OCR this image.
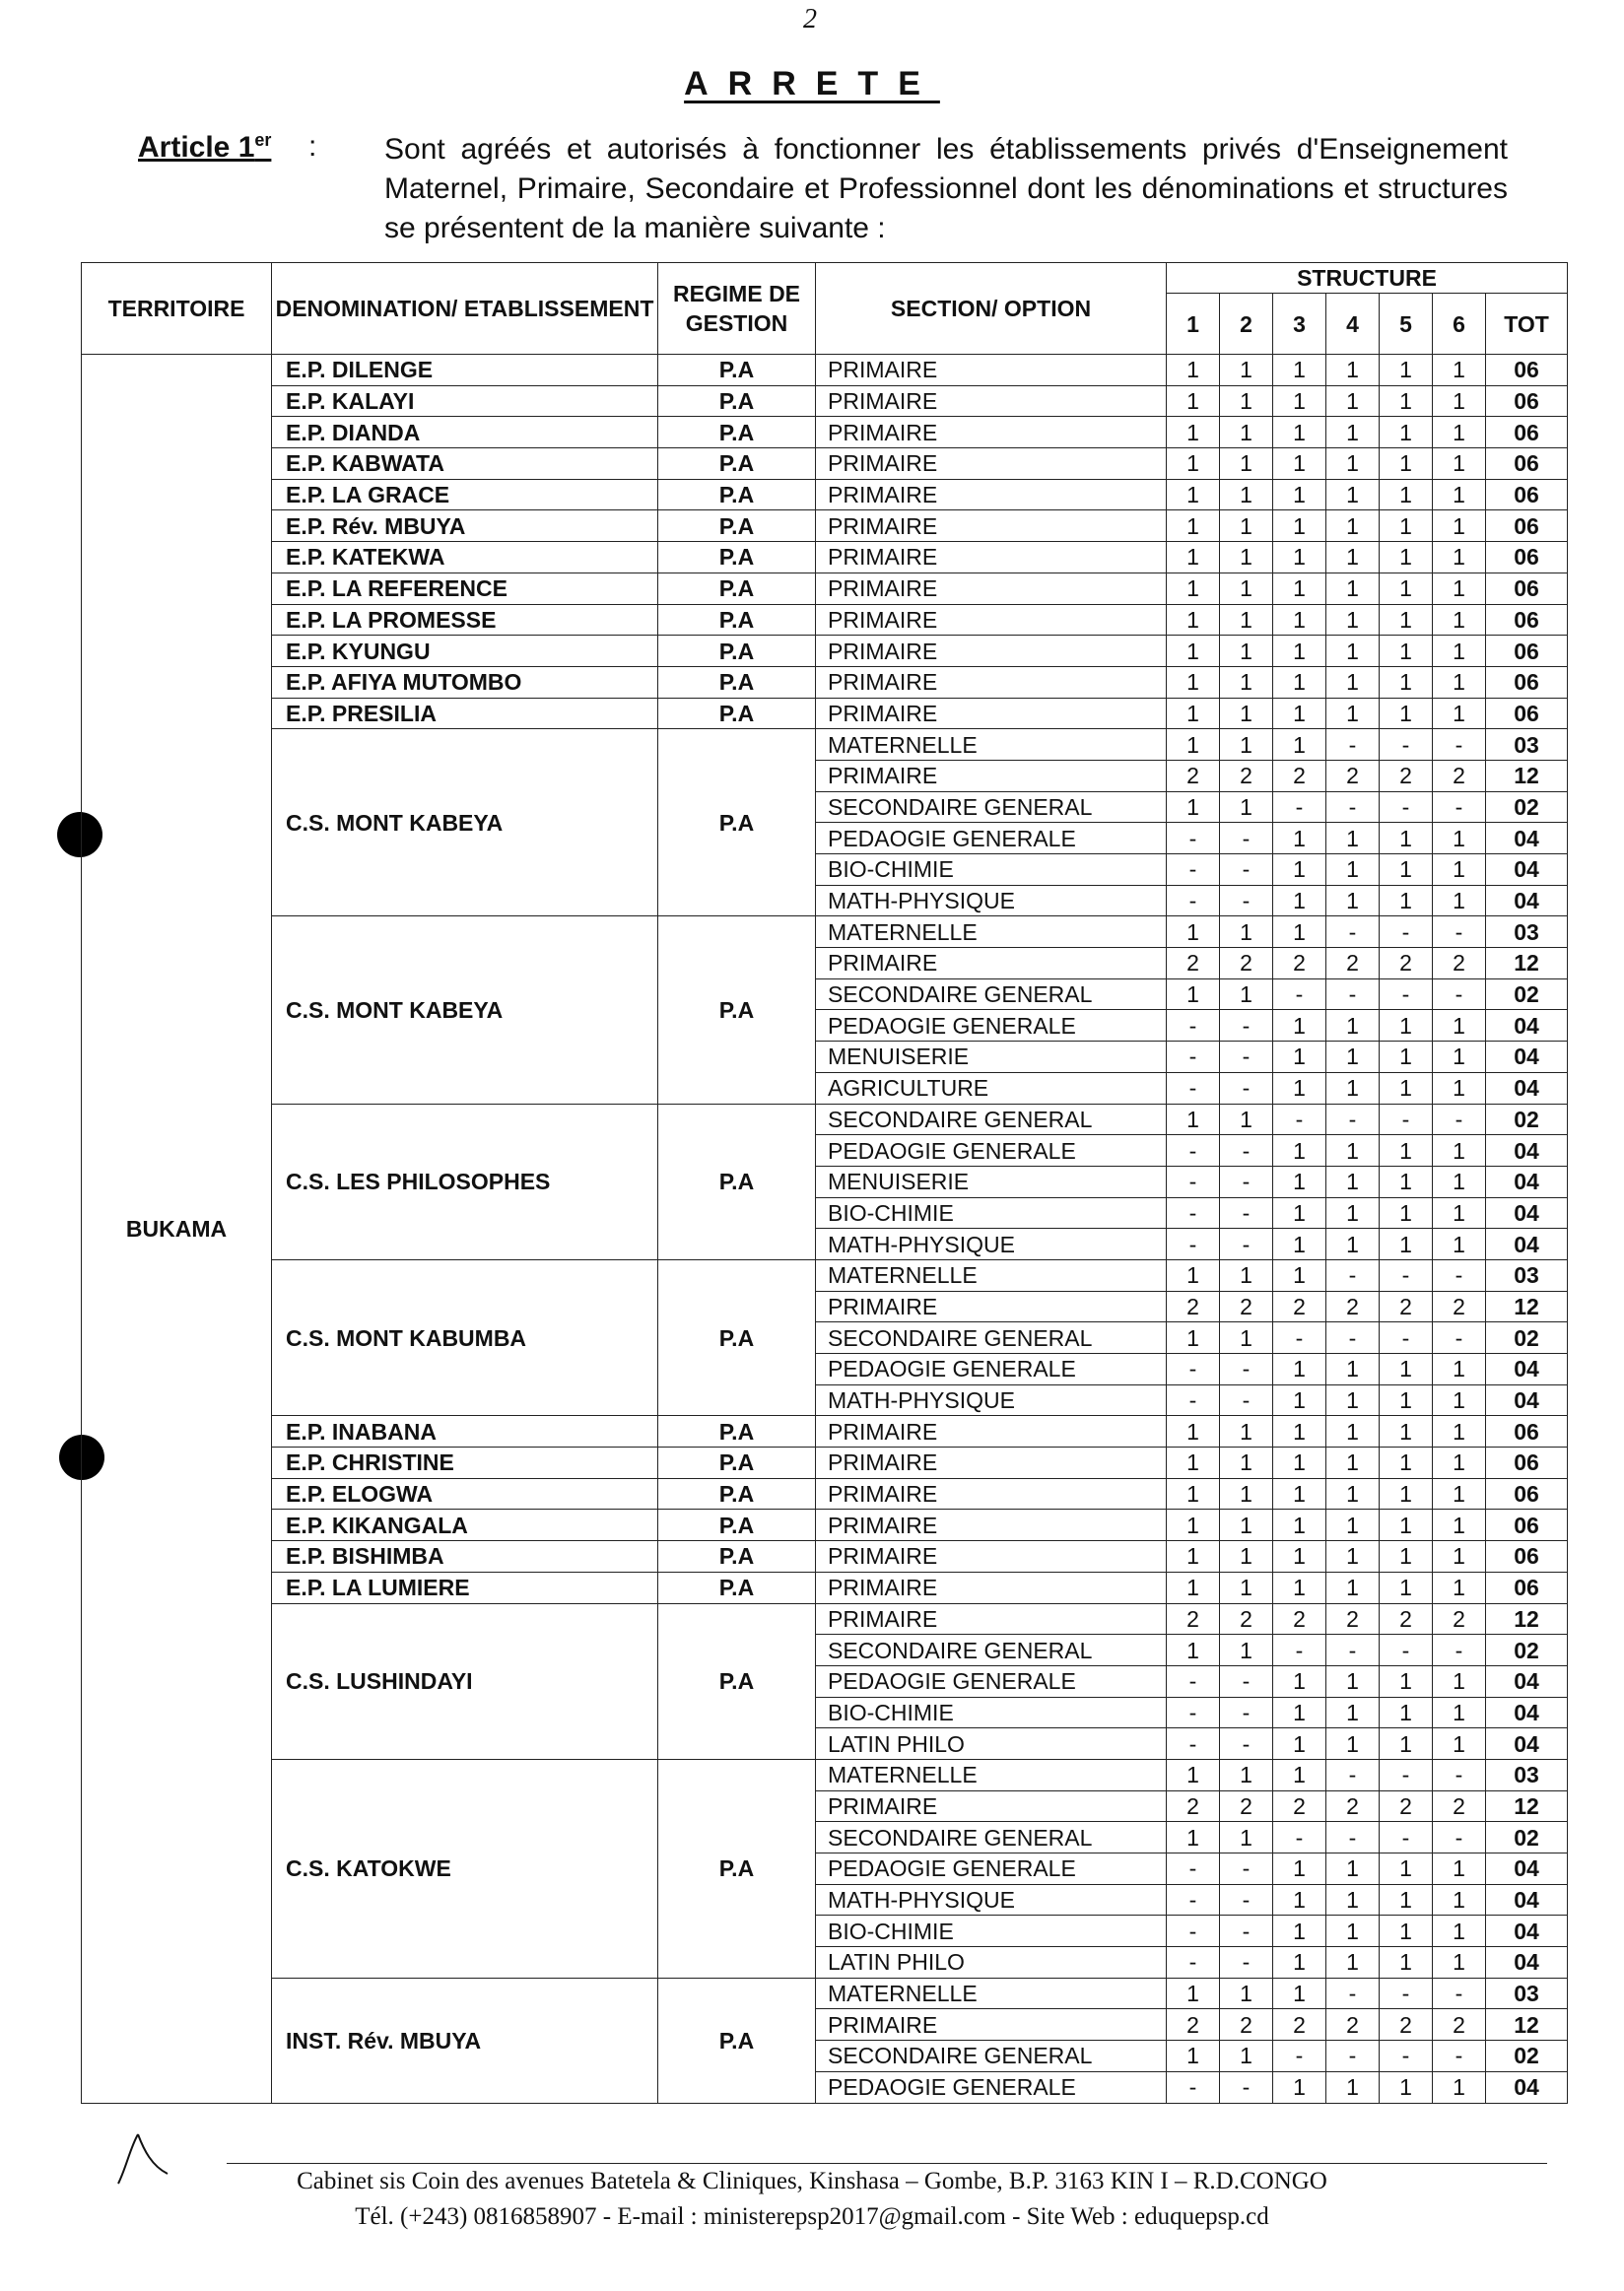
2
ARRETE
Article 1er : Sont agréés et autorisés à fonctionner les établissements privés d'Enseignement Maternel, Primaire, Secondaire et Professionnel dont les dénominations et structures se présentent de la manière suivante :
TERRITOIRE	DENOMINATION/ ETABLISSEMENT	REGIME DE GESTION	SECTION/ OPTION	STRUCTURE						
				1	2	3	4	5	6	TOT
BUKAMA	E.P. DILENGE	P.A	PRIMAIRE	1	1	1	1	1	1	06
	E.P. KALAYI	P.A	PRIMAIRE	1	1	1	1	1	1	06
	E.P. DIANDA	P.A	PRIMAIRE	1	1	1	1	1	1	06
	E.P. KABWATA	P.A	PRIMAIRE	1	1	1	1	1	1	06
	E.P. LA GRACE	P.A	PRIMAIRE	1	1	1	1	1	1	06
	E.P. Rév. MBUYA	P.A	PRIMAIRE	1	1	1	1	1	1	06
	E.P. KATEKWA	P.A	PRIMAIRE	1	1	1	1	1	1	06
	E.P. LA REFERENCE	P.A	PRIMAIRE	1	1	1	1	1	1	06
	E.P. LA PROMESSE	P.A	PRIMAIRE	1	1	1	1	1	1	06
	E.P. KYUNGU	P.A	PRIMAIRE	1	1	1	1	1	1	06
	E.P. AFIYA MUTOMBO	P.A	PRIMAIRE	1	1	1	1	1	1	06
	E.P. PRESILIA	P.A	PRIMAIRE	1	1	1	1	1	1	06
	C.S. MONT KABEYA	P.A	MATERNELLE	1	1	1	-	-	-	03
			PRIMAIRE	2	2	2	2	2	2	12
			SECONDAIRE GENERAL	1	1	-	-	-	-	02
			PEDAOGIE GENERALE	-	-	1	1	1	1	04
			BIO-CHIMIE	-	-	1	1	1	1	04
			MATH-PHYSIQUE	-	-	1	1	1	1	04
	C.S. MONT KABEYA	P.A	MATERNELLE	1	1	1	-	-	-	03
			PRIMAIRE	2	2	2	2	2	2	12
			SECONDAIRE GENERAL	1	1	-	-	-	-	02
			PEDAOGIE GENERALE	-	-	1	1	1	1	04
			MENUISERIE	-	-	1	1	1	1	04
			AGRICULTURE	-	-	1	1	1	1	04
	C.S. LES PHILOSOPHES	P.A	SECONDAIRE GENERAL	1	1	-	-	-	-	02
			PEDAOGIE GENERALE	-	-	1	1	1	1	04
			MENUISERIE	-	-	1	1	1	1	04
			BIO-CHIMIE	-	-	1	1	1	1	04
			MATH-PHYSIQUE	-	-	1	1	1	1	04
	C.S. MONT KABUMBA	P.A	MATERNELLE	1	1	1	-	-	-	03
			PRIMAIRE	2	2	2	2	2	2	12
			SECONDAIRE GENERAL	1	1	-	-	-	-	02
			PEDAOGIE GENERALE	-	-	1	1	1	1	04
			MATH-PHYSIQUE	-	-	1	1	1	1	04
	E.P. INABANA	P.A	PRIMAIRE	1	1	1	1	1	1	06
	E.P. CHRISTINE	P.A	PRIMAIRE	1	1	1	1	1	1	06
	E.P. ELOGWA	P.A	PRIMAIRE	1	1	1	1	1	1	06
	E.P. KIKANGALA	P.A	PRIMAIRE	1	1	1	1	1	1	06
	E.P. BISHIMBA	P.A	PRIMAIRE	1	1	1	1	1	1	06
	E.P. LA LUMIERE	P.A	PRIMAIRE	1	1	1	1	1	1	06
	C.S. LUSHINDAYI	P.A	PRIMAIRE	2	2	2	2	2	2	12
			SECONDAIRE GENERAL	1	1	-	-	-	-	02
			PEDAOGIE GENERALE	-	-	1	1	1	1	04
			BIO-CHIMIE	-	-	1	1	1	1	04
			LATIN PHILO	-	-	1	1	1	1	04
	C.S. KATOKWE	P.A	MATERNELLE	1	1	1	-	-	-	03
			PRIMAIRE	2	2	2	2	2	2	12
			SECONDAIRE GENERAL	1	1	-	-	-	-	02
			PEDAOGIE GENERALE	-	-	1	1	1	1	04
			MATH-PHYSIQUE	-	-	1	1	1	1	04
			BIO-CHIMIE	-	-	1	1	1	1	04
			LATIN PHILO	-	-	1	1	1	1	04
	INST. Rév. MBUYA	P.A	MATERNELLE	1	1	1	-	-	-	03
			PRIMAIRE	2	2	2	2	2	2	12
			SECONDAIRE GENERAL	1	1	-	-	-	-	02
			PEDAOGIE GENERALE	-	-	1	1	1	1	04
Cabinet sis Coin des avenues Batetela & Cliniques, Kinshasa – Gombe, B.P. 3163 KIN I – R.D.CONGO
Tél. (+243) 0816858907 - E-mail : ministerepsp2017@gmail.com - Site Web : eduquepsp.cd
